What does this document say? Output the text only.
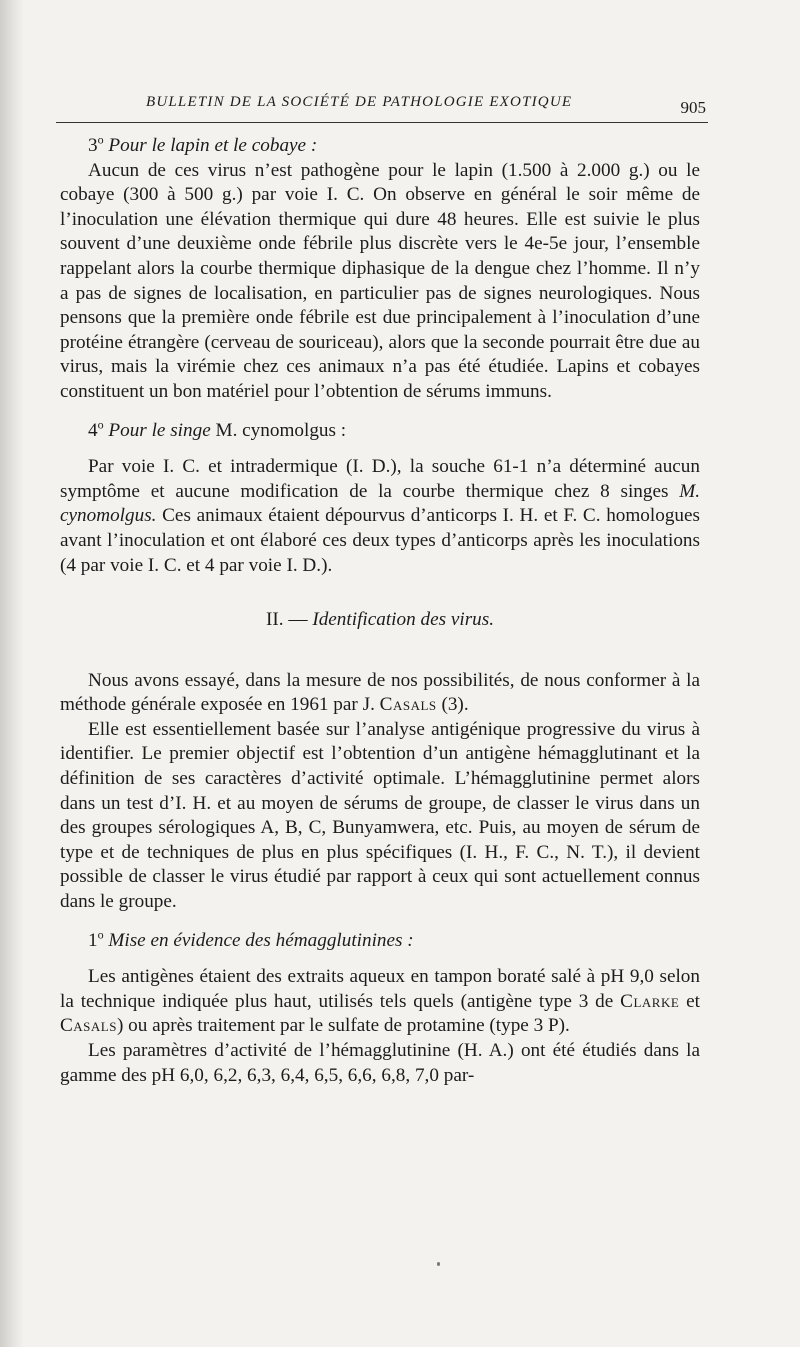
BULLETIN DE LA SOCIÉTÉ DE PATHOLOGIE EXOTIQUE	905
3$^o$ Pour le lapin et le cobaye :

Aucun de ces virus n’est pathogène pour le lapin (1.500 à 2.000 g.) ou le cobaye (300 à 500 g.) par voie I. C. On observe en général le soir même de l’inoculation une élévation thermique qui dure 48 heures. Elle est suivie le plus souvent d’une deuxième onde fébrile plus discrète vers le 4e-5e jour, l’ensemble rappelant alors la courbe thermique diphasique de la dengue chez l’homme. Il n’y a pas de signes de localisation, en particulier pas de signes neurologiques. Nous pensons que la première onde fébrile est due principalement à l’inoculation d’une protéine étrangère (cerveau de souriceau), alors que la seconde pourrait être due au virus, mais la virémie chez ces animaux n’a pas été étudiée. Lapins et cobayes constituent un bon matériel pour l’obtention de sérums immuns.

4$^o$ Pour le singe M. cynomolgus :

Par voie I. C. et intradermique (I. D.), la souche 61-1 n’a déterminé aucun symptôme et aucune modification de la courbe thermique chez 8 singes M. cynomolgus. Ces animaux étaient dépourvus d’anticorps I. H. et F. C. homologues avant l’inoculation et ont élaboré ces deux types d’anticorps après les inoculations (4 par voie I. C. et 4 par voie I. D.).

II. — Identification des virus.

Nous avons essayé, dans la mesure de nos possibilités, de nous conformer à la méthode générale exposée en 1961 par J. Casals (3).

Elle est essentiellement basée sur l’analyse antigénique progressive du virus à identifier. Le premier objectif est l’obtention d’un antigène hémagglutinant et la définition de ses caractères d’activité optimale. L’hémagglutinine permet alors dans un test d’I. H. et au moyen de sérums de groupe, de classer le virus dans un des groupes sérologiques A, B, C, Bunyamwera, etc. Puis, au moyen de sérum de type et de techniques de plus en plus spécifiques (I. H., F. C., N. T.), il devient possible de classer le virus étudié par rapport à ceux qui sont actuellement connus dans le groupe.

1$^o$ Mise en évidence des hémagglutinines :

Les antigènes étaient des extraits aqueux en tampon boraté salé à pH 9,0 selon la technique indiquée plus haut, utilisés tels quels (antigène type 3 de Clarke et Casals) ou après traitement par le sulfate de protamine (type 3 P).

Les paramètres d’activité de l’hémagglutinine (H. A.) ont été étudiés dans la gamme des pH 6,0, 6,2, 6,3, 6,4, 6,5, 6,6, 6,8, 7,0 par-
